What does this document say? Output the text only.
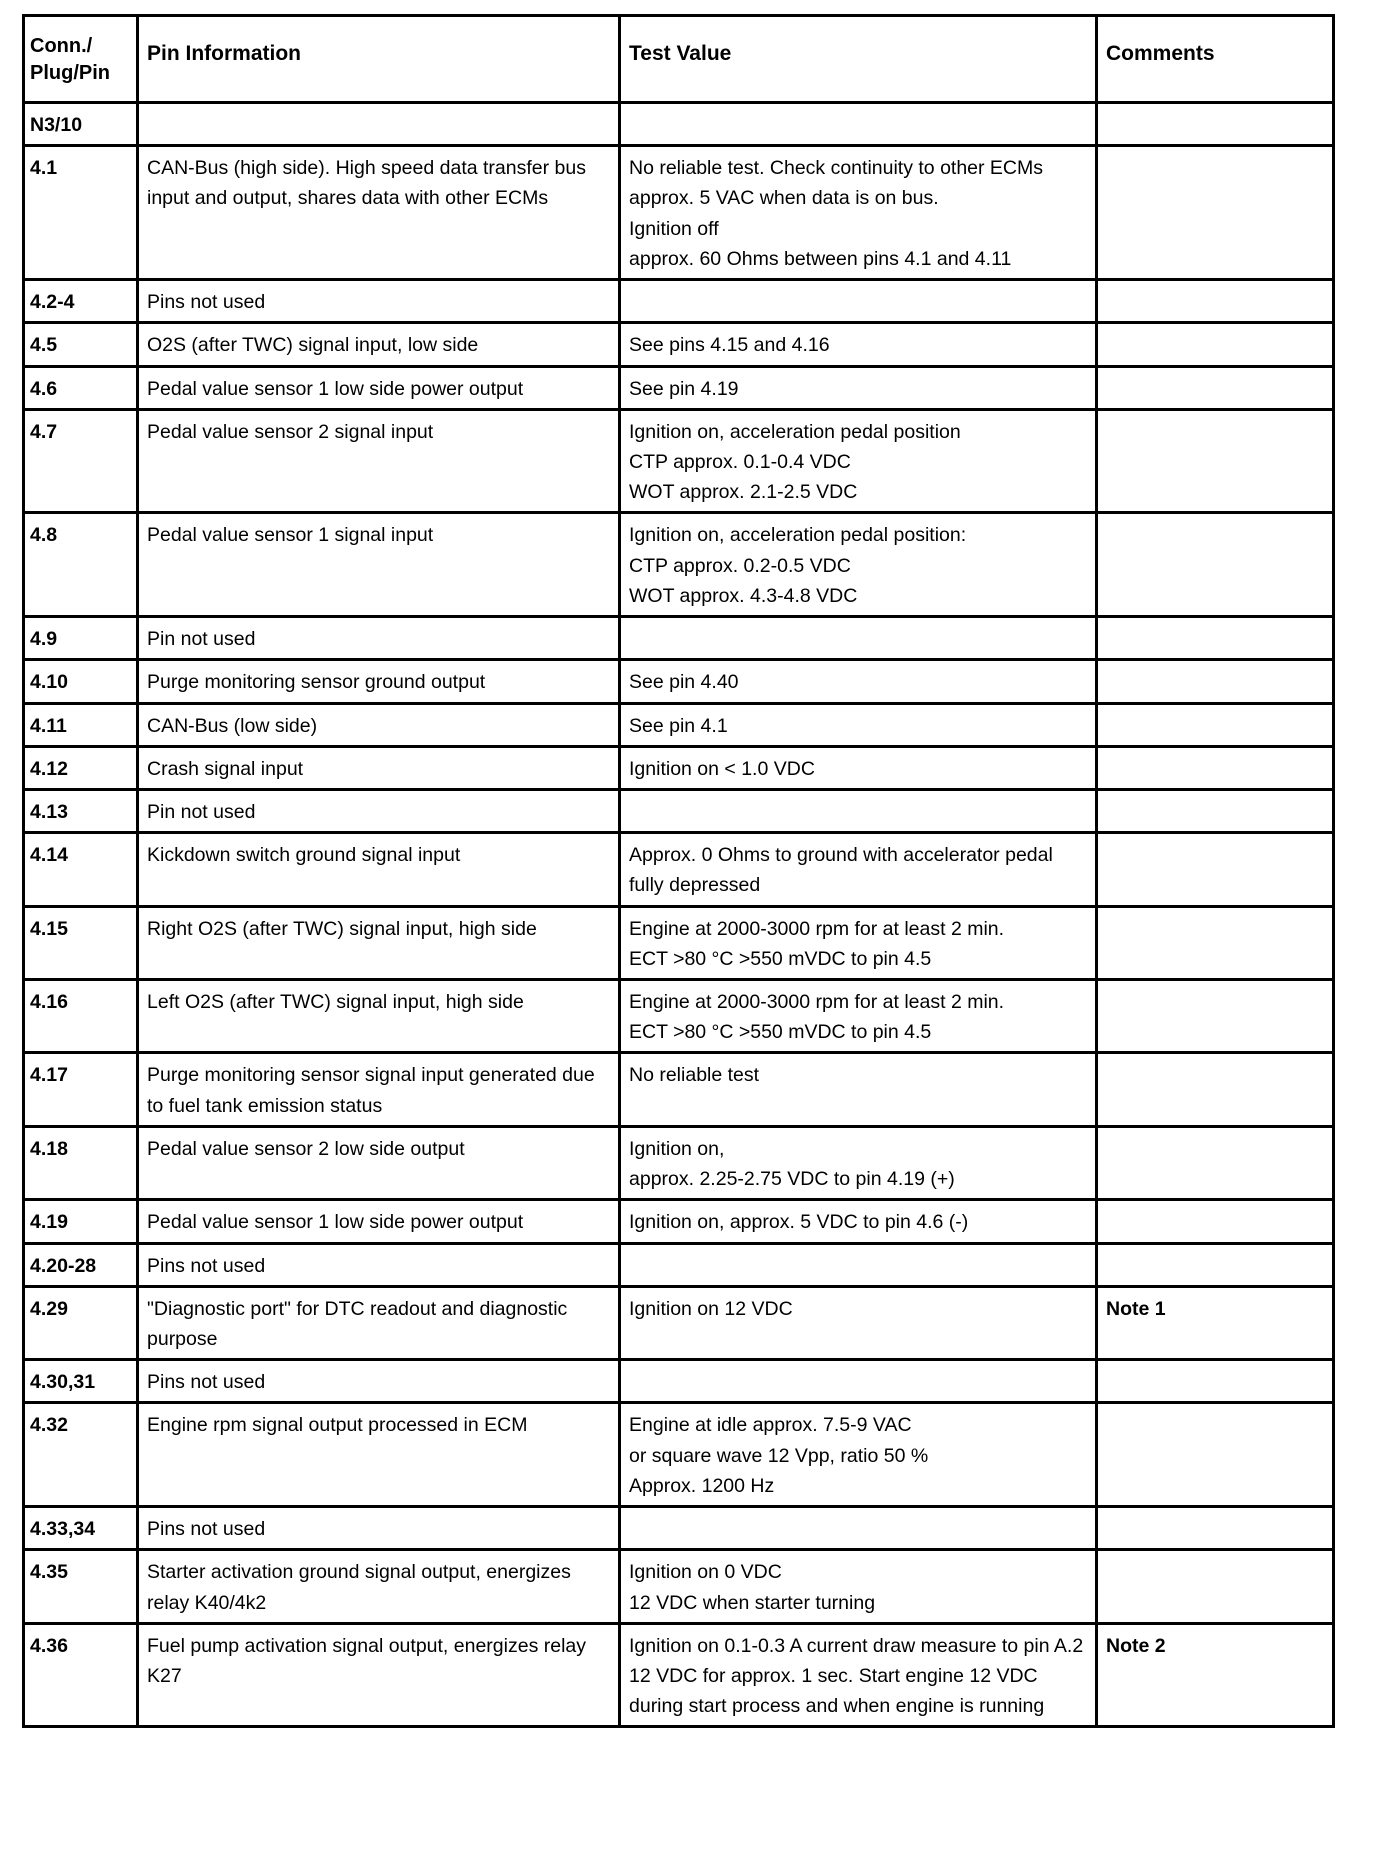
Conn./
Plug/Pin	Pin Information	Test Value	Comments
N3/10			
4.1	CAN-Bus (high side). High speed data transfer bus input and output, shares data with other ECMs	No reliable test. Check continuity to other ECMs
approx. 5 VAC when data is on bus.
Ignition off
approx. 60 Ohms between pins 4.1 and 4.11	
4.2-4	Pins not used		
4.5	O2S (after TWC) signal input, low side	See pins 4.15 and 4.16	
4.6	Pedal value sensor 1 low side power output	See pin 4.19	
4.7	Pedal value sensor 2 signal input	Ignition on, acceleration pedal position
CTP approx. 0.1-0.4 VDC
WOT approx. 2.1-2.5 VDC	
4.8	Pedal value sensor 1 signal input	Ignition on, acceleration pedal position:
CTP approx. 0.2-0.5 VDC
WOT approx. 4.3-4.8 VDC	
4.9	Pin not used		
4.10	Purge monitoring sensor ground output	See pin 4.40	
4.11	CAN-Bus (low side)	See pin 4.1	
4.12	Crash signal input	Ignition on < 1.0 VDC	
4.13	Pin not used		
4.14	Kickdown switch ground signal input	Approx. 0 Ohms to ground with accelerator pedal fully depressed	
4.15	Right O2S (after TWC) signal input, high side	Engine at 2000-3000 rpm for at least 2 min.
ECT >80 °C >550 mVDC to pin 4.5	
4.16	Left O2S (after TWC) signal input, high side	Engine at 2000-3000 rpm for at least 2 min.
ECT >80 °C >550 mVDC to pin 4.5	
4.17	Purge monitoring sensor signal input generated due to fuel tank emission status	No reliable test	
4.18	Pedal value sensor 2 low side output	Ignition on,
approx. 2.25-2.75 VDC to pin 4.19 (+)	
4.19	Pedal value sensor 1 low side power output	Ignition on, approx. 5 VDC to pin 4.6 (-)	
4.20-28	Pins not used		
4.29	"Diagnostic port" for DTC readout and diagnostic purpose	Ignition on 12 VDC	Note 1
4.30,31	Pins not used		
4.32	Engine rpm signal output processed in ECM	Engine at idle approx. 7.5-9 VAC
or square wave 12 Vpp, ratio 50 %
Approx. 1200 Hz	
4.33,34	Pins not used		
4.35	Starter activation ground signal output, energizes relay K40/4k2	Ignition on 0 VDC
12 VDC when starter turning	
4.36	Fuel pump activation signal output, energizes relay K27	Ignition on 0.1-0.3 A current draw measure to pin A.2 12 VDC for approx. 1 sec. Start engine 12 VDC during start process and when engine is running	Note 2
